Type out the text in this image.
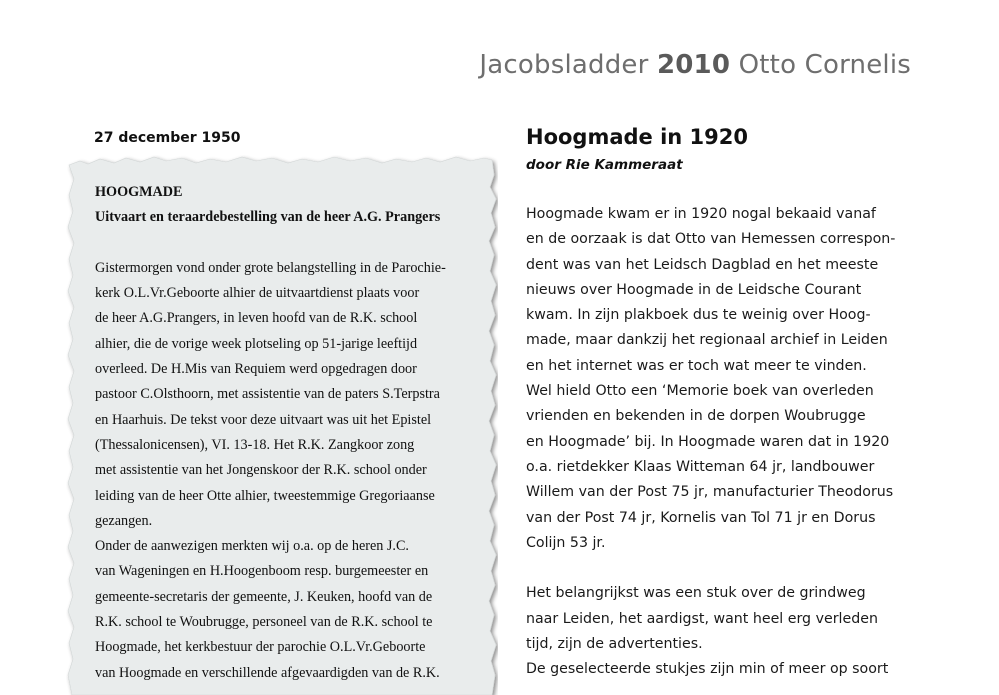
Jacobsladder 2010 Otto Cornelis
27 december 1950
HOOGMADE
Uitvaart en teraardebestelling van de heer A.G. Prangers
Gistermorgen vond onder grote belangstelling in de Parochie-
kerk O.L.Vr.Geboorte alhier de uitvaartdienst plaats voor
de heer A.G.Prangers, in leven hoofd van de R.K. school
alhier, die de vorige week plotseling op 51-jarige leeftijd
overleed. De H.Mis van Requiem werd opgedragen door
pastoor C.Olsthoorn, met assistentie van de paters S.Terpstra
en Haarhuis. De tekst voor deze uitvaart was uit het Epistel
(Thessalonicensen), VI. 13-18. Het R.K. Zangkoor zong
met assistentie van het Jongenskoor der R.K. school onder
leiding van de heer Otte alhier, tweestemmige Gregoriaanse
gezangen.
Onder de aanwezigen merkten wij o.a. op de heren J.C.
van Wageningen en H.Hoogenboom resp. burgemeester en
gemeente-secretaris der gemeente, J. Keuken, hoofd van de
R.K. school te Woubrugge, personeel van de R.K. school te
Hoogmade, het kerkbestuur der parochie O.L.Vr.Geboorte
van Hoogmade en verschillende afgevaardigden van de R.K.
Hoogmade in 1920
door Rie Kammeraat
Hoogmade kwam er in 1920 nogal bekaaid vanaf
en de oorzaak is dat Otto van Hemessen correspon-
dent was van het Leidsch Dagblad en het meeste
nieuws over Hoogmade in de Leidsche Courant
kwam. In zijn plakboek dus te weinig over Hoog-
made, maar dankzij het regionaal archief in Leiden
en het internet was er toch wat meer te vinden.
Wel hield Otto een ‘Memorie boek van overleden
vrienden en bekenden in de dorpen Woubrugge
en Hoogmade’ bij. In Hoogmade waren dat in 1920
o.a. rietdekker Klaas Witteman 64 jr, landbouwer
Willem van der Post 75 jr, manufacturier Theodorus
van der Post 74 jr, Kornelis van Tol 71 jr en Dorus
Colijn 53 jr.
Het belangrijkst was een stuk over de grindweg
naar Leiden, het aardigst, want heel erg verleden
tijd, zijn de advertenties.
De geselecteerde stukjes zijn min of meer op soort
